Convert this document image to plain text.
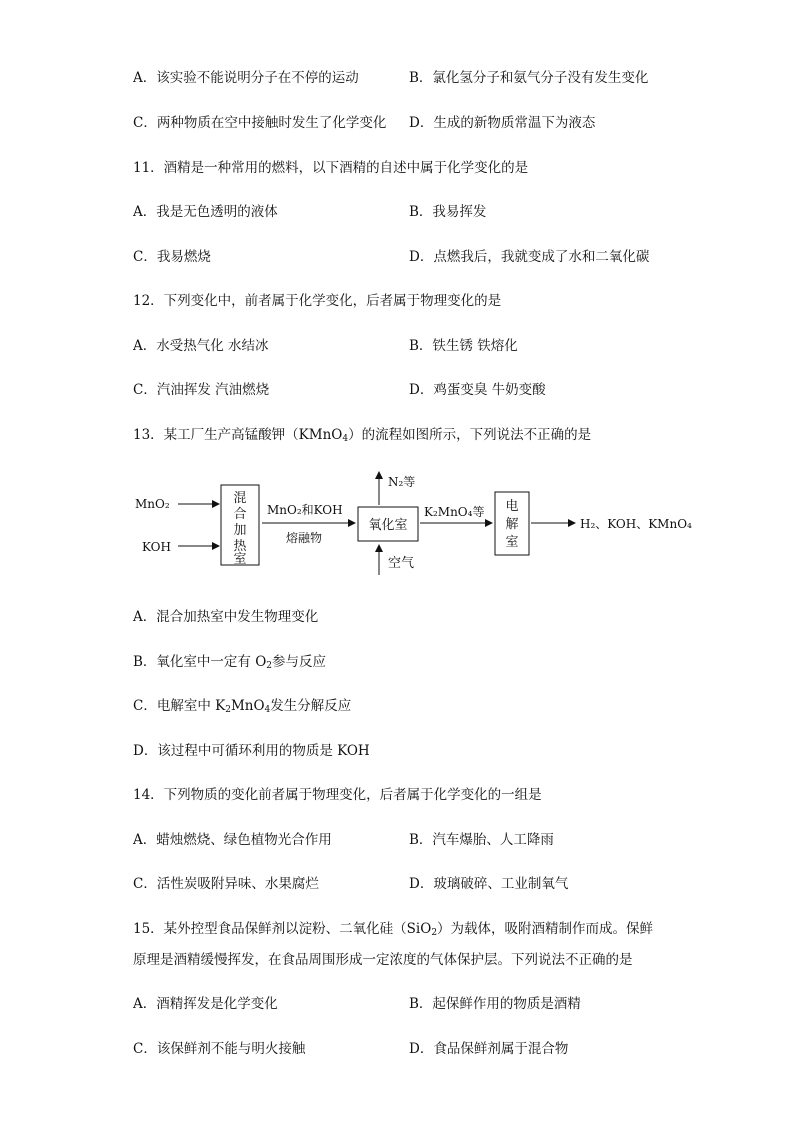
A．该实验不能说明分子在不停的运动	B．氯化氢分子和氨气分子没有发生变化
C．两种物质在空中接触时发生了化学变化 D．生成的新物质常温下为液态
11．酒精是一种常用的燃料，以下酒精的自述中属于化学变化的是
A．我是无色透明的液体	B．我易挥发
C．我易燃烧	D．点燃我后，我就变成了水和二氧化碳
12．下列变化中，前者属于化学变化，后者属于物理变化的是
A．水受热气化 水结冰	B．铁生锈 铁熔化
C．汽油挥发 汽油燃烧	D．鸡蛋变臭 牛奶变酸
13．某工厂生产高锰酸钾（KMnO$_4$）的流程如图所示，下列说法不正确的是
MnO₂
KOH
混
合
加
热
室
MnO₂和KOH
熔融物
氧化室
N₂等
空气
K₂MnO₄等 电
解
室
H₂、KOH、KMnO₄
A．混合加热室中发生物理变化
B．氧化室中一定有 $O_2$参与反应
C．电解室中 $K_2MnO_4$发生分解反应
D．该过程中可循环利用的物质是 KOH
14．下列物质的变化前者属于物理变化，后者属于化学变化的一组是
A．蜡烛燃烧、绿色植物光合作用	B．汽车爆胎、人工降雨
C．活性炭吸附异味、水果腐烂	D．玻璃破碎、工业制氧气
15．某外控型食品保鲜剂以淀粉、二氧化硅（SiO$_2$）为载体，吸附酒精制作而成。保鲜
原理是酒精缓慢挥发，在食品周围形成一定浓度的气体保护层。下列说法不正确的是
A．酒精挥发是化学变化	B．起保鲜作用的物质是酒精
C．该保鲜剂不能与明火接触	D．食品保鲜剂属于混合物
